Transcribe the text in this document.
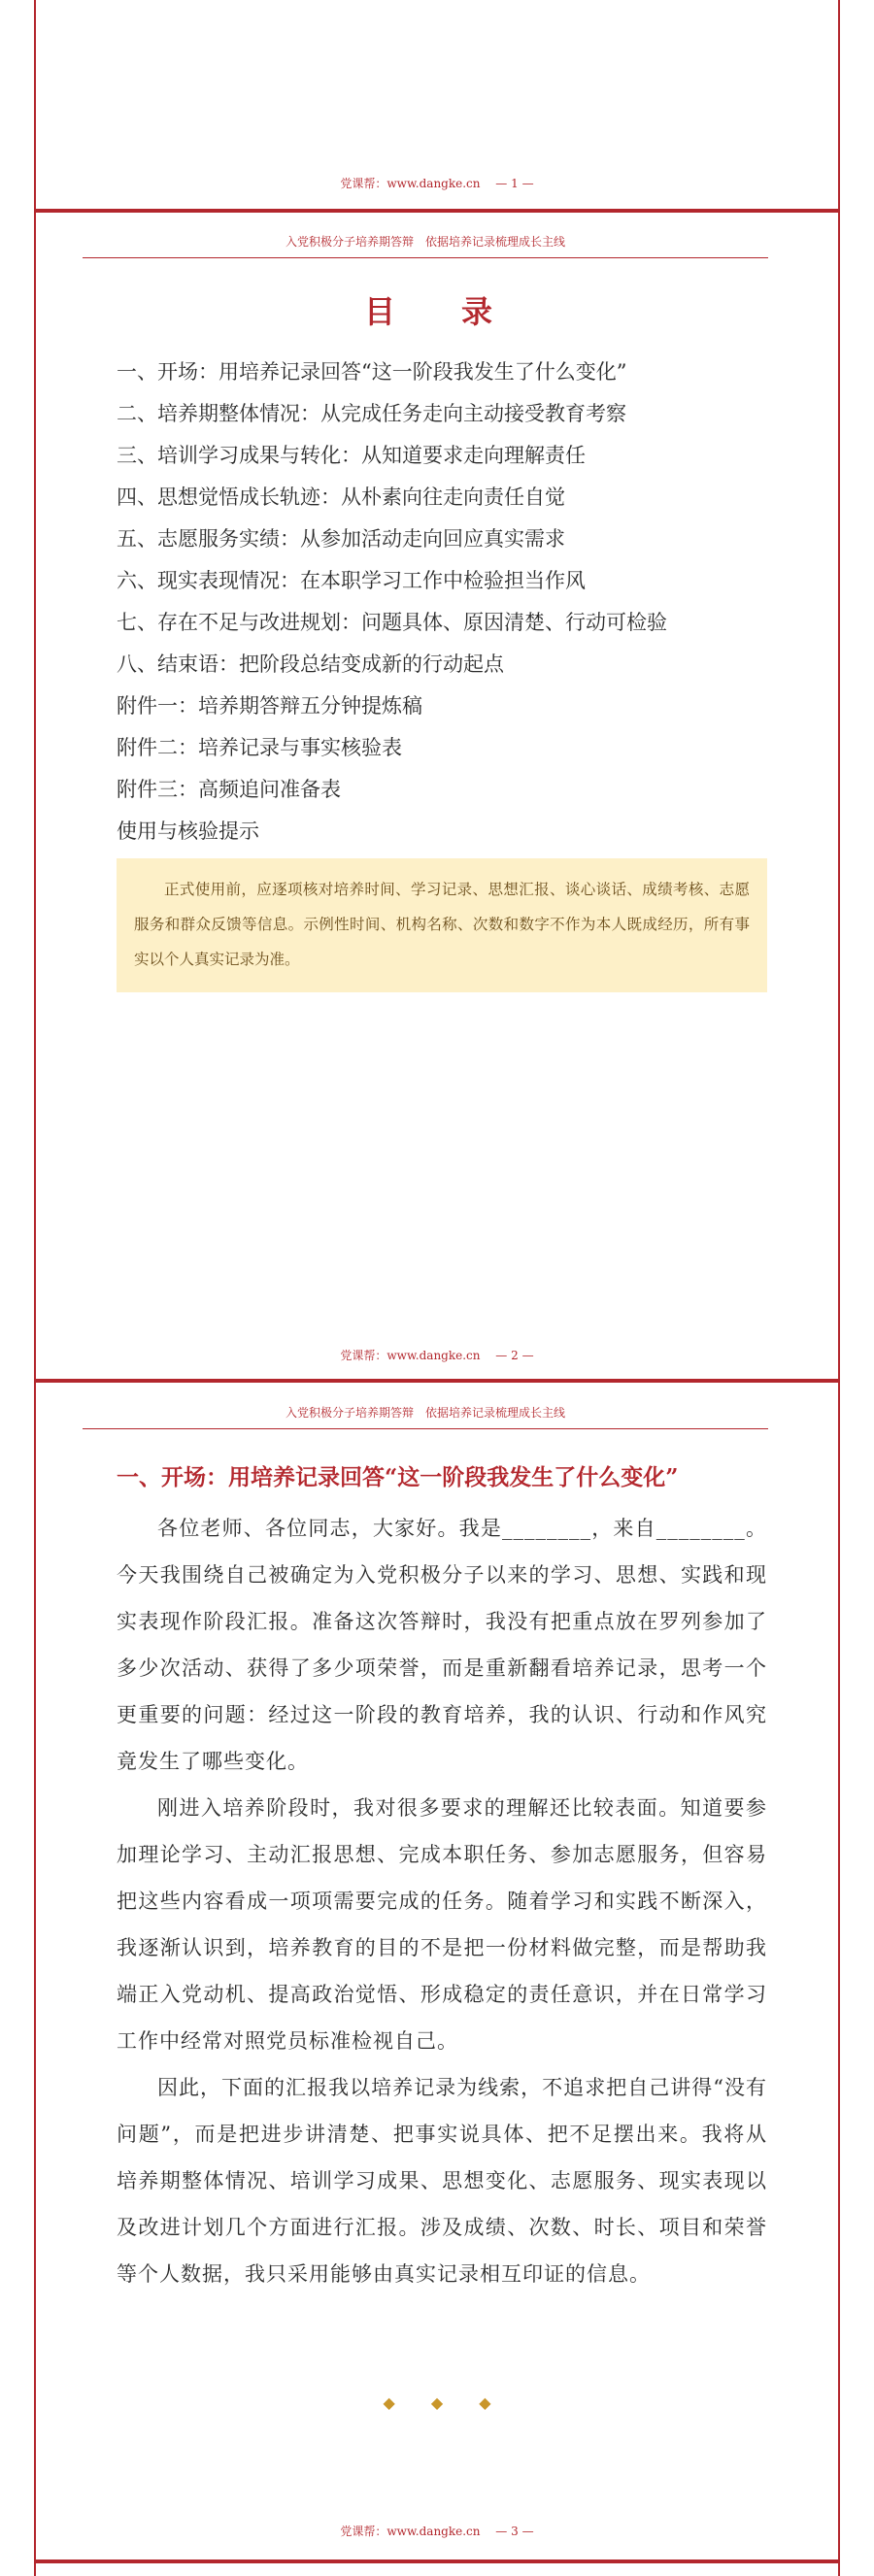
党课帮：www.dangke.cn　 — 1 —
入党积极分子培养期答辩　依据培养记录梳理成长主线
目　录
一、开场：用培养记录回答“这一阶段我发生了什么变化”
二、培养期整体情况：从完成任务走向主动接受教育考察
三、培训学习成果与转化：从知道要求走向理解责任
四、思想觉悟成长轨迹：从朴素向往走向责任自觉
五、志愿服务实绩：从参加活动走向回应真实需求
六、现实表现情况：在本职学习工作中检验担当作风
七、存在不足与改进规划：问题具体、原因清楚、行动可检验
八、结束语：把阶段总结变成新的行动起点
附件一：培养期答辩五分钟提炼稿
附件二：培养记录与事实核验表
附件三：高频追问准备表
使用与核验提示
正式使用前，应逐项核对培养时间、学习记录、思想汇报、谈心谈话、成绩考核、志愿服务和群众反馈等信息。示例性时间、机构名称、次数和数字不作为本人既成经历，所有事实以个人真实记录为准。
党课帮：www.dangke.cn　 — 2 —
入党积极分子培养期答辩　依据培养记录梳理成长主线
一、开场：用培养记录回答“这一阶段我发生了什么变化”

各位老师、各位同志，大家好。我是________，来自________。今天我围绕自己被确定为入党积极分子以来的学习、思想、实践和现实表现作阶段汇报。准备这次答辩时，我没有把重点放在罗列参加了多少次活动、获得了多少项荣誉，而是重新翻看培养记录，思考一个更重要的问题：经过这一阶段的教育培养，我的认识、行动和作风究竟发生了哪些变化。

刚进入培养阶段时，我对很多要求的理解还比较表面。知道要参加理论学习、主动汇报思想、完成本职任务、参加志愿服务，但容易把这些内容看成一项项需要完成的任务。随着学习和实践不断深入，我逐渐认识到，培养教育的目的不是把一份材料做完整，而是帮助我端正入党动机、提高政治觉悟、形成稳定的责任意识，并在日常学习工作中经常对照党员标准检视自己。

因此，下面的汇报我以培养记录为线索，不追求把自己讲得“没有问题”，而是把进步讲清楚、把事实说具体、把不足摆出来。我将从培养期整体情况、培训学习成果、思想变化、志愿服务、现实表现以及改进计划几个方面进行汇报。涉及成绩、次数、时长、项目和荣誉等个人数据，我只采用能够由真实记录相互印证的信息。

◆ ◆ ◆
党课帮：www.dangke.cn　 — 3 —
